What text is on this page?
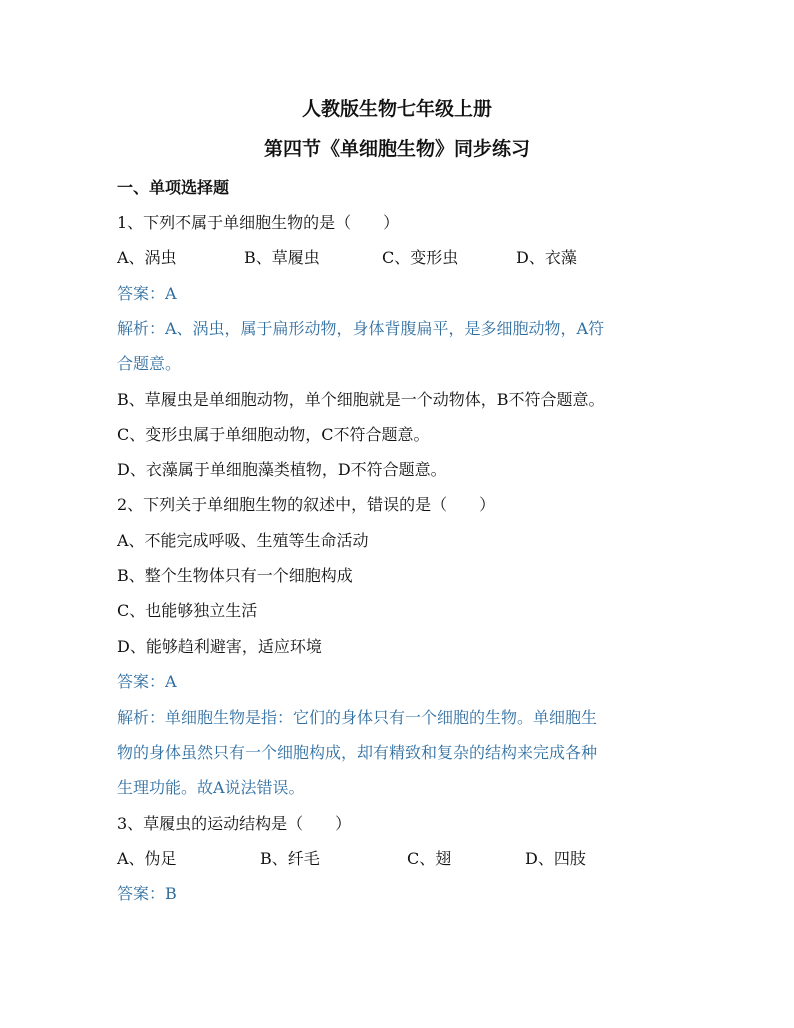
人教版生物七年级上册
第四节《单细胞生物》同步练习
一、单项选择题
1、下列不属于单细胞生物的是（　　）
A、涡虫	B、草履虫	C、变形虫	D、衣藻
答案：A
解析：A、涡虫，属于扁形动物，身体背腹扁平，是多细胞动物，A符
合题意。
B、草履虫是单细胞动物，单个细胞就是一个动物体，B不符合题意。
C、变形虫属于单细胞动物，C不符合题意。
D、衣藻属于单细胞藻类植物，D不符合题意。
2、下列关于单细胞生物的叙述中，错误的是（　　）
A、不能完成呼吸、生殖等生命活动
B、整个生物体只有一个细胞构成
C、也能够独立生活
D、能够趋利避害，适应环境
答案：A
解析：单细胞生物是指：它们的身体只有一个细胞的生物。单细胞生
物的身体虽然只有一个细胞构成，却有精致和复杂的结构来完成各种
生理功能。故A说法错误。
3、草履虫的运动结构是（　　）
A、伪足	B、纤毛	C、翅	D、四肢
答案：B
